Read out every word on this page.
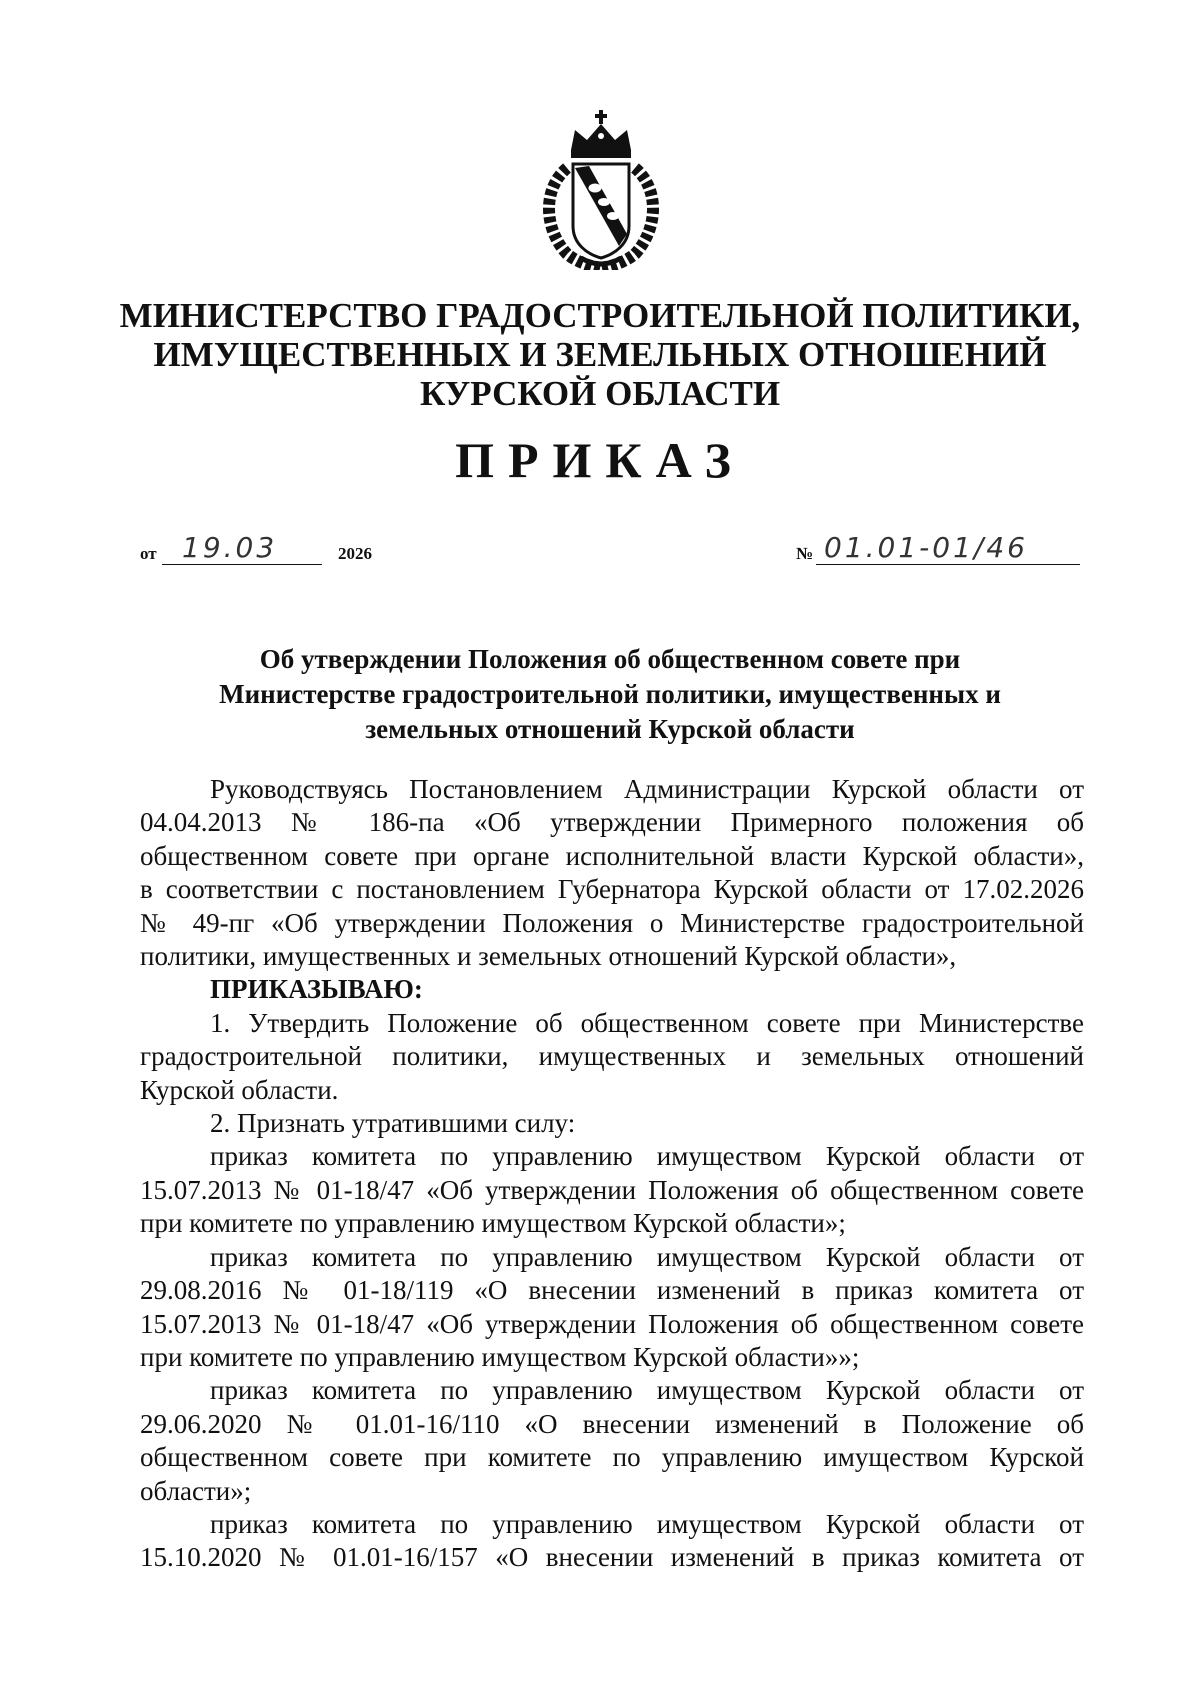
МИНИСТЕРСТВО ГРАДОСТРОИТЕЛЬНОЙ ПОЛИТИКИ,
ИМУЩЕСТВЕННЫХ И ЗЕМЕЛЬНЫХ ОТНОШЕНИЙ
КУРСКОЙ ОБЛАСТИ
ПРИКАЗ
от 19.03	2026	№ 01.01-01/46
Об утверждении Положения об общественном совете при
Министерстве градостроительной политики, имущественных и
земельных отношений Курской области

Руководствуясь Постановлением Администрации Курской области от

04.04.2013 № 186-па «Об утверждении Примерного положения об

общественном совете при органе исполнительной власти Курской области»,

в соответствии с постановлением Губернатора Курской области от 17.02.2026

№ 49-пг «Об утверждении Положения о Министерстве градостроительной

политики, имущественных и земельных отношений Курской области»,

ПРИКАЗЫВАЮ:

1. Утвердить Положение об общественном совете при Министерстве

градостроительной политики, имущественных и земельных отношений

Курской области.

2. Признать утратившими силу:

приказ комитета по управлению имуществом Курской области от

15.07.2013 № 01-18/47 «Об утверждении Положения об общественном совете

при комитете по управлению имуществом Курской области»;

приказ комитета по управлению имуществом Курской области от

29.08.2016 № 01-18/119 «О внесении изменений в приказ комитета от

15.07.2013 № 01-18/47 «Об утверждении Положения об общественном совете

при комитете по управлению имуществом Курской области»»;

приказ комитета по управлению имуществом Курской области от

29.06.2020 № 01.01-16/110 «О внесении изменений в Положение об

общественном совете при комитете по управлению имуществом Курской

области»;

приказ комитета по управлению имуществом Курской области от

15.10.2020 № 01.01-16/157 «О внесении изменений в приказ комитета от
